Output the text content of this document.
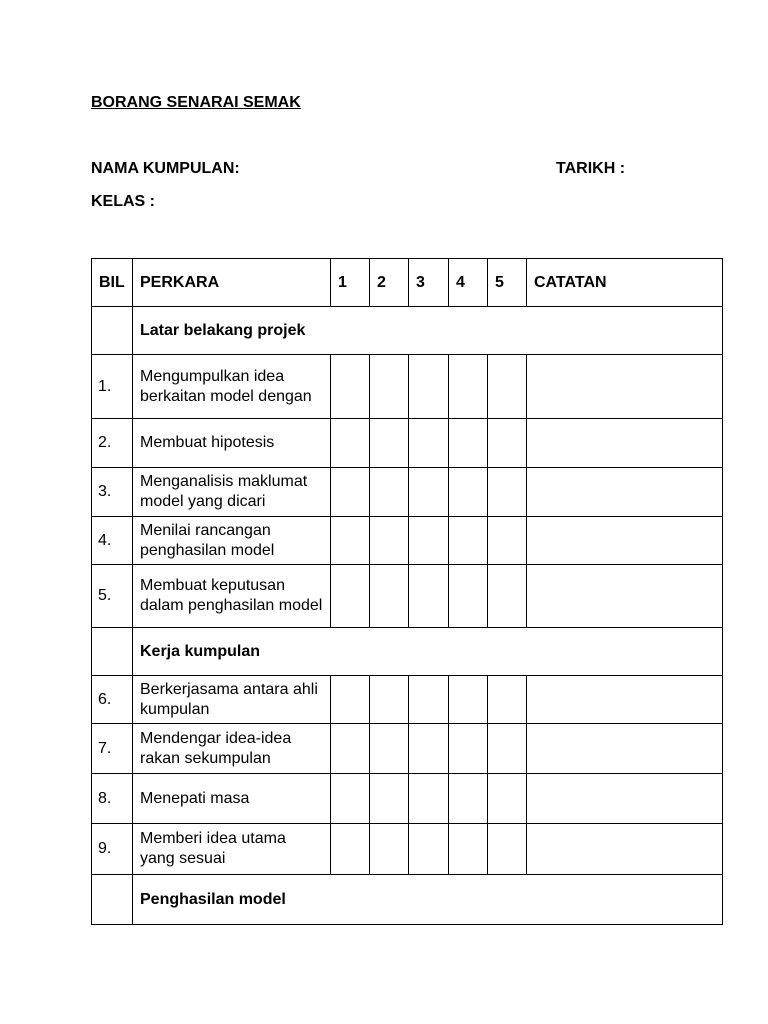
BORANG SENARAI SEMAK
NAMA KUMPULAN:	TARIKH :
KELAS :
BIL	PERKARA	1	2	3	4	5	CATATAN
	Latar belakang projek						
1.	Mengumpulkan idea berkaitan model dengan						

2.	Membuat hipotesis						

3.	Menganalisis maklumat model yang dicari						

4.	Menilai rancangan penghasilan model						

5.	Membuat keputusan dalam penghasilan model						

	Kerja kumpulan						
6.	Berkerjasama antara ahli kumpulan						

7.	Mendengar idea-idea rakan sekumpulan						

8.	Menepati masa						

9.	Memberi idea utama yang sesuai						

	Penghasilan model						
